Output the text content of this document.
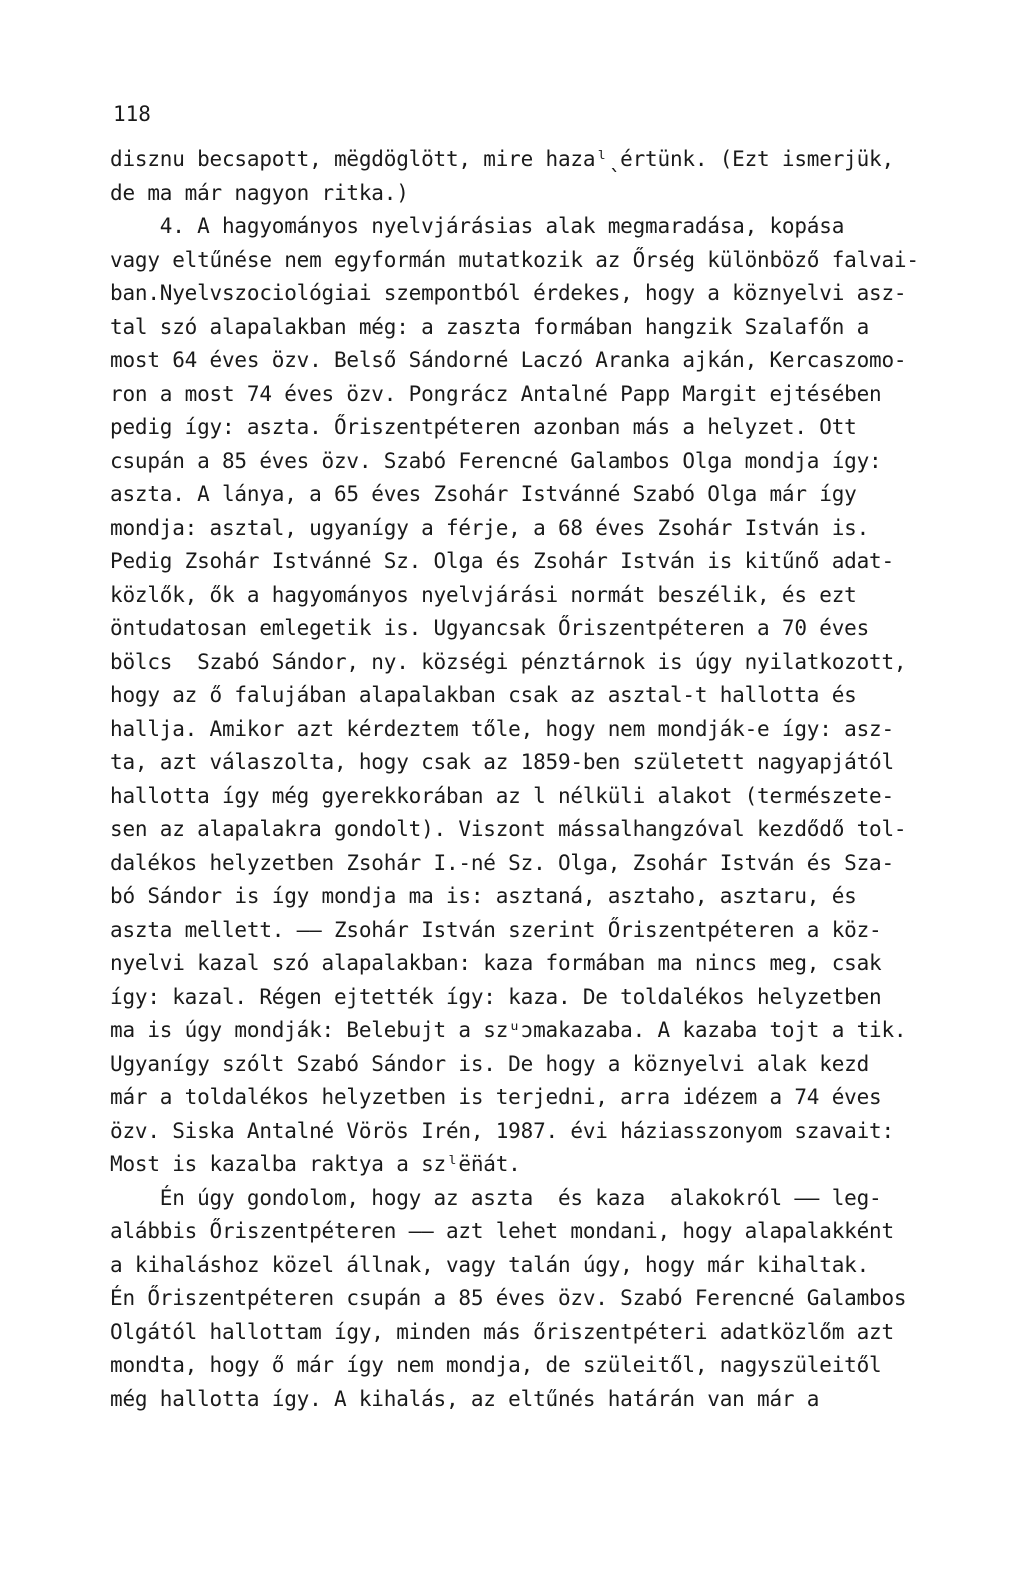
118
disznu becsapott, mëgdöglött, mire hazaˡˎértünk. (Ezt ismerjük,
de ma már nagyon ritka.)
4. A hagyományos nyelvjárásias alak megmaradása, kopása
vagy eltűnése nem egyformán mutatkozik az Őrség különböző falvai-
ban.Nyelvszociológiai szempontból érdekes, hogy a köznyelvi asz-
tal szó alapalakban még: a zaszta formában hangzik Szalafőn a
most 64 éves özv. Belső Sándorné Laczó Aranka ajkán, Kercaszomo-
ron a most 74 éves özv. Pongrácz Antalné Papp Margit ejtésében
pedig így: aszta. Őriszentpéteren azonban más a helyzet. Ott
csupán a 85 éves özv. Szabó Ferencné Galambos Olga mondja így:
aszta. A lánya, a 65 éves Zsohár Istvánné Szabó Olga már így
mondja: asztal, ugyanígy a férje, a 68 éves Zsohár István is.
Pedig Zsohár Istvánné Sz. Olga és Zsohár István is kitűnő adat-
közlők, ők a hagyományos nyelvjárási normát beszélik, és ezt
öntudatosan emlegetik is. Ugyancsak Őriszentpéteren a 70 éves
bölcs  Szabó Sándor, ny. községi pénztárnok is úgy nyilatkozott,
hogy az ő falujában alapalakban csak az asztal-t hallotta és
hallja. Amikor azt kérdeztem tőle, hogy nem mondják-e így: asz-
ta, azt válaszolta, hogy csak az 1859-ben született nagyapjától
hallotta így még gyerekkorában az l nélküli alakot (természete-
sen az alapalakra gondolt). Viszont mássalhangzóval kezdődő tol-
dalékos helyzetben Zsohár I.-né Sz. Olga, Zsohár István és Sza-
bó Sándor is így mondja ma is: asztaná, asztaho, asztaru, és
aszta mellett. —— Zsohár István szerint Őriszentpéteren a köz-
nyelvi kazal szó alapalakban: kaza formában ma nincs meg, csak
így: kazal. Régen ejtették így: kaza. De toldalékos helyzetben
ma is úgy mondják: Belebujt a szᵘɔmakazaba. A kazaba tojt a tik.
Ugyanígy szólt Szabó Sándor is. De hogy a köznyelvi alak kezd
már a toldalékos helyzetben is terjedni, arra idézem a 74 éves
özv. Siska Antalné Vörös Irén, 1987. évi háziasszonyom szavait:
Most is kazalba raktya a szˡë̈nát.
Én úgy gondolom, hogy az aszta  és kaza  alakokról —— leg-
alábbis Őriszentpéteren —— azt lehet mondani, hogy alapalakként
a kihaláshoz közel állnak, vagy talán úgy, hogy már kihaltak.
Én Őriszentpéteren csupán a 85 éves özv. Szabó Ferencné Galambos
Olgától hallottam így, minden más őriszentpéteri adatközlőm azt
mondta, hogy ő már így nem mondja, de szüleitől, nagyszüleitől
még hallotta így. A kihalás, az eltűnés határán van már a
